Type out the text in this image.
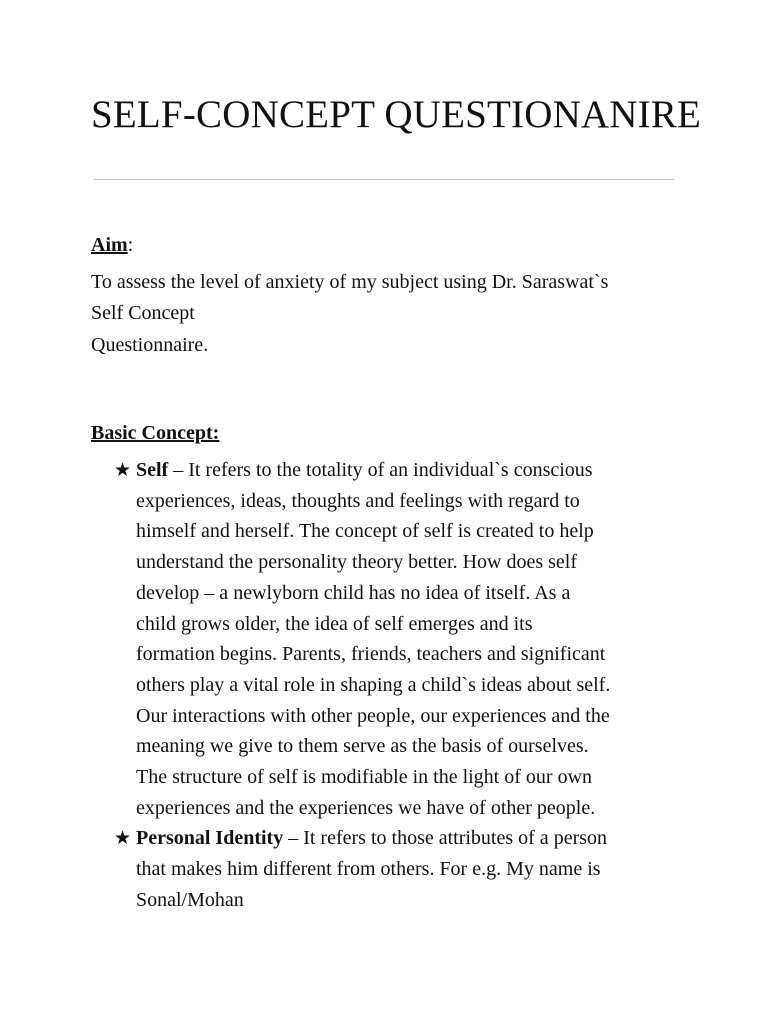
SELF-CONCEPT QUESTIONANIRE

Aim:

To assess the level of anxiety of my subject using Dr. Saraswat`s
Self Concept
Questionnaire.

Basic Concept:

★ Self – It refers to the totality of an individual`s conscious
experiences, ideas, thoughts and feelings with regard to
himself and herself. The concept of self is created to help
understand the personality theory better. How does self
develop – a newlyborn child has no idea of itself. As a
child grows older, the idea of self emerges and its
formation begins. Parents, friends, teachers and significant
others play a vital role in shaping a child`s ideas about self.
Our interactions with other people, our experiences and the
meaning we give to them serve as the basis of ourselves.
The structure of self is modifiable in the light of our own
experiences and the experiences we have of other people.
★ Personal Identity – It refers to those attributes of a person
that makes him different from others. For e.g. My name is
Sonal/Mohan
